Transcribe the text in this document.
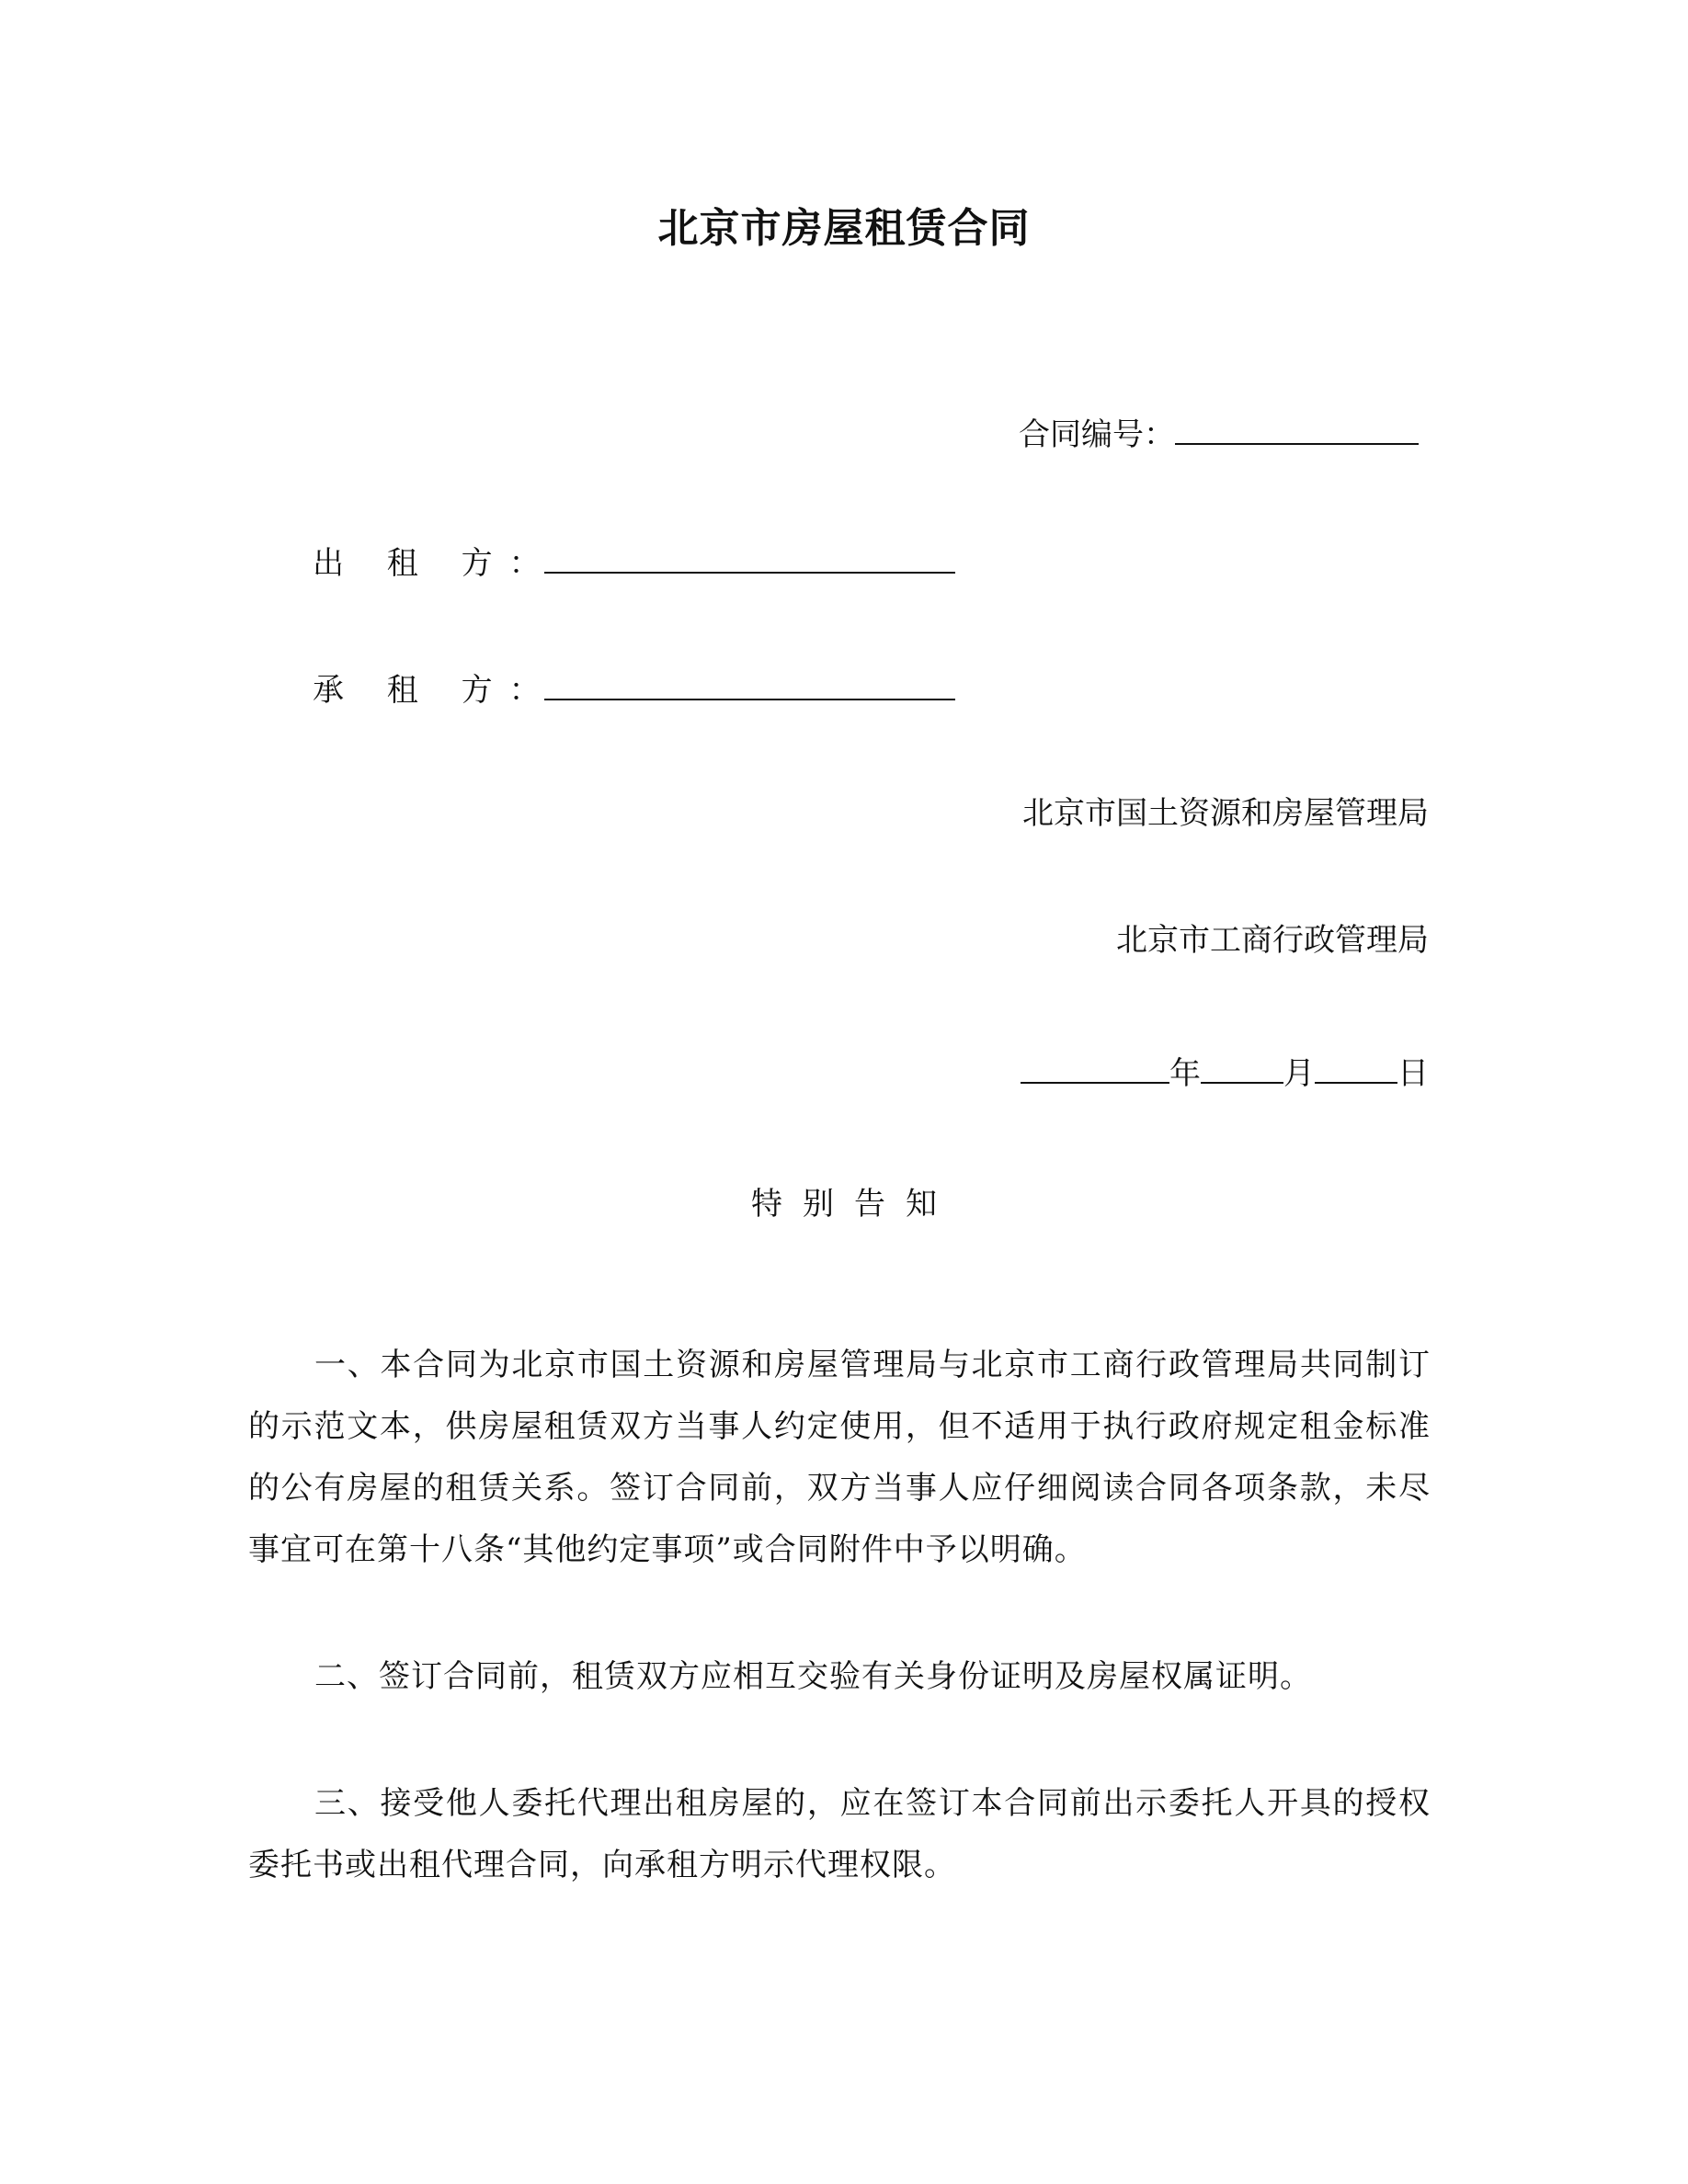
北京市房屋租赁合同
合同编号：
出 租 方：
承 租 方：
北京市国土资源和房屋管理局
北京市工商行政管理局
年	月	日
特别告知

一、本合同为北京市国土资源和房屋管理局与北京市工商行政管理局共同制订的示范文本，供房屋租赁双方当事人约定使用，但不适用于执行政府规定租金标准的公有房屋的租赁关系。签订合同前，双方当事人应仔细阅读合同各项条款，未尽事宜可在第十八条“其他约定事项”或合同附件中予以明确。

二、签订合同前，租赁双方应相互交验有关身份证明及房屋权属证明。

三、接受他人委托代理出租房屋的，应在签订本合同前出示委托人开具的授权委托书或出租代理合同，向承租方明示代理权限。
